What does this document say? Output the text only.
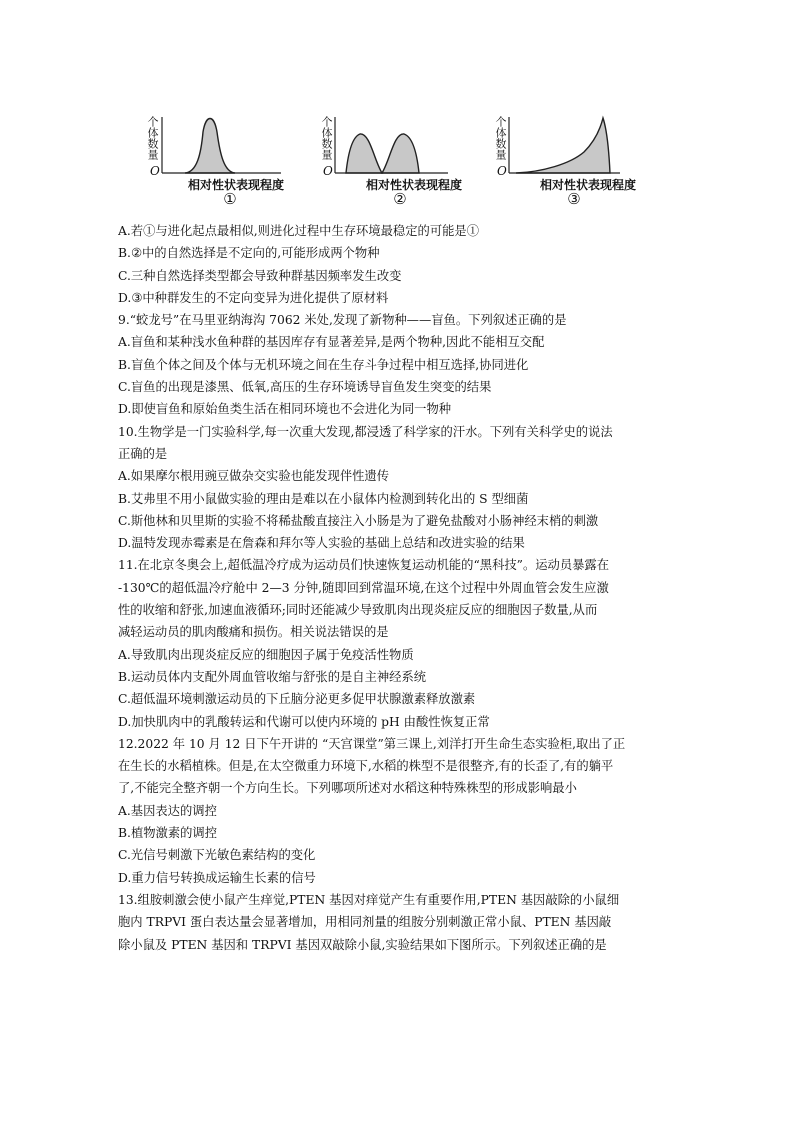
个体数量
O
相对性状表现程度
①
个体数量
O
相对性状表现程度
②
个体数量
O
相对性状表现程度
③
A.若①与进化起点最相似,则进化过程中生存环境最稳定的可能是①
B.②中的自然选择是不定向的,可能形成两个物种
C.三种自然选择类型都会导致种群基因频率发生改变
D.③中种群发生的不定向变异为进化提供了原材料
9.“蛟龙号”在马里亚纳海沟 7062 米处,发现了新物种——盲鱼。下列叙述正确的是
A.盲鱼和某种浅水鱼种群的基因库存有显著差异,是两个物种,因此不能相互交配
B.盲鱼个体之间及个体与无机环境之间在生存斗争过程中相互选择,协同进化
C.盲鱼的出现是漆黑、低氧,高压的生存环境诱导盲鱼发生突变的结果
D.即使盲鱼和原始鱼类生活在相同环境也不会进化为同一物种
10.生物学是一门实验科学,每一次重大发现,都浸透了科学家的汗水。下列有关科学史的说法
正确的是
A.如果摩尔根用豌豆做杂交实验也能发现伴性遗传
B.艾弗里不用小鼠做实验的理由是难以在小鼠体内检测到转化出的 S 型细菌
C.斯他林和贝里斯的实验不将稀盐酸直接注入小肠是为了避免盐酸对小肠神经末梢的刺激
D.温特发现赤霉素是在詹森和拜尔等人实验的基础上总结和改进实验的结果
11.在北京冬奥会上,超低温冷疗成为运动员们快速恢复运动机能的“黑科技”。运动员暴露在
-130℃的超低温冷疗舱中 2—3 分钟,随即回到常温环境,在这个过程中外周血管会发生应激
性的收缩和舒张,加速血液循环;同时还能减少导致肌肉出现炎症反应的细胞因子数量,从而
减轻运动员的肌肉酸痛和损伤。相关说法错误的是
A.导致肌肉出现炎症反应的细胞因子属于免疫活性物质
B.运动员体内支配外周血管收缩与舒张的是自主神经系统
C.超低温环境刺激运动员的下丘脑分泌更多促甲状腺激素释放激素
D.加快肌肉中的乳酸转运和代谢可以使内环境的 pH 由酸性恢复正常
12.2022 年 10 月 12 日下午开讲的 “天宫课堂”第三课上,刘洋打开生命生态实验柜,取出了正
在生长的水稻植株。但是,在太空微重力环境下,水稻的株型不是很整齐,有的长歪了,有的躺平
了,不能完全整齐朝一个方向生长。下列哪项所述对水稻这种特殊株型的形成影响最小
A.基因表达的调控
B.植物激素的调控
C.光信号刺激下光敏色素结构的变化
D.重力信号转换成运输生长素的信号
13.组胺刺激会使小鼠产生痒觉,PTEN 基因对痒觉产生有重要作用,PTEN 基因敲除的小鼠细
胞内 TRPVI 蛋白表达量会显著增加，用相同剂量的组胺分别刺激正常小鼠、PTEN 基因敲
除小鼠及 PTEN 基因和 TRPVI 基因双敲除小鼠,实验结果如下图所示。下列叙述正确的是
